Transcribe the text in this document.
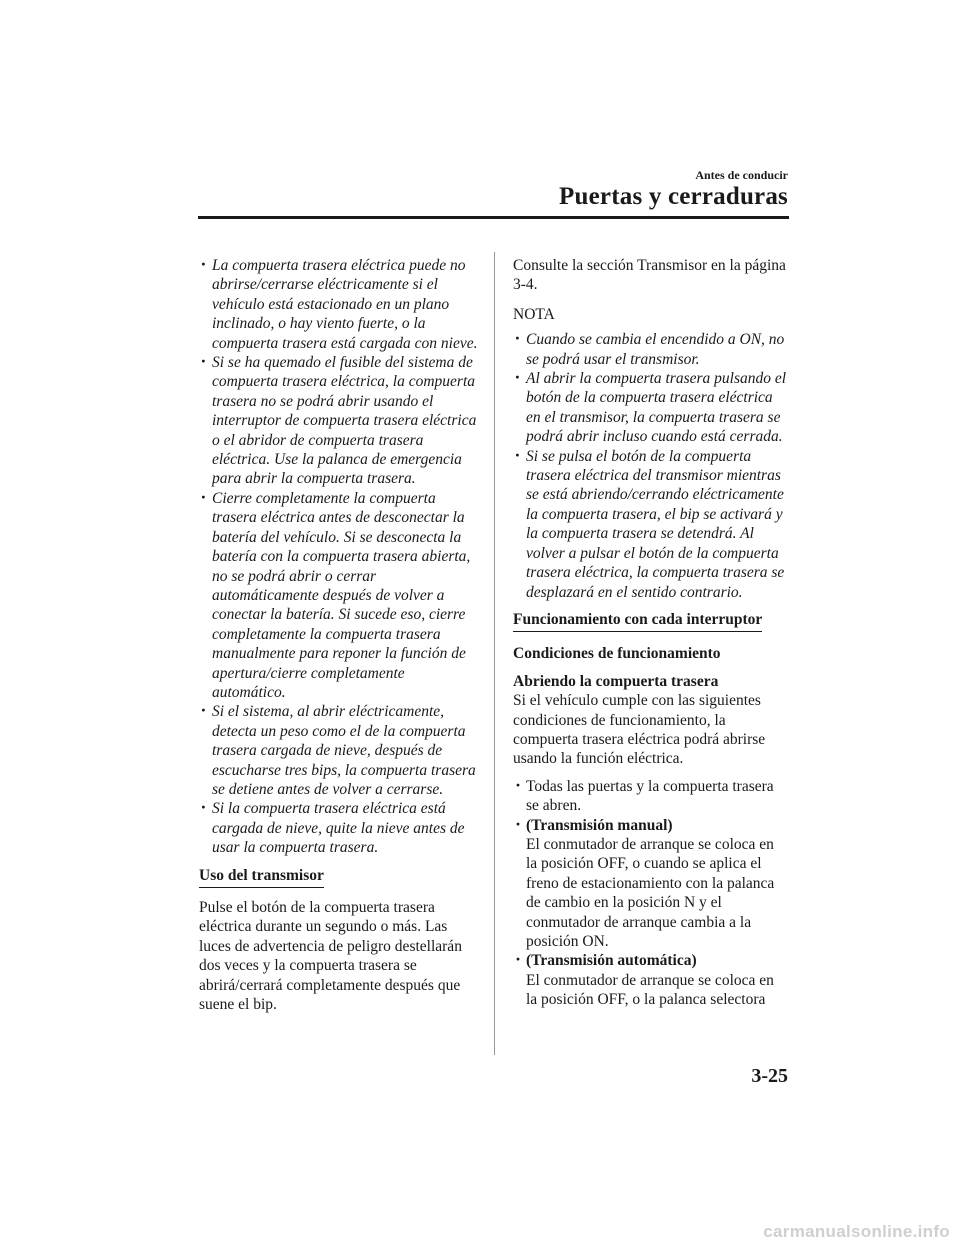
Antes de conducir
Puertas y cerraduras
· La compuerta trasera eléctrica puede no abrirse/cerrarse eléctricamente si el vehículo está estacionado en un plano inclinado, o hay viento fuerte, o la compuerta trasera está cargada con nieve.
· Si se ha quemado el fusible del sistema de compuerta trasera eléctrica, la compuerta trasera no se podrá abrir usando el interruptor de compuerta trasera eléctrica o el abridor de compuerta trasera eléctrica. Use la palanca de emergencia para abrir la compuerta trasera.
· Cierre completamente la compuerta trasera eléctrica antes de desconectar la batería del vehículo. Si se desconecta la batería con la compuerta trasera abierta, no se podrá abrir o cerrar automáticamente después de volver a conectar la batería. Si sucede eso, cierre completamente la compuerta trasera manualmente para reponer la función de apertura/cierre completamente automático.
· Si el sistema, al abrir eléctricamente, detecta un peso como el de la compuerta trasera cargada de nieve, después de escucharse tres bips, la compuerta trasera se detiene antes de volver a cerrarse.
· Si la compuerta trasera eléctrica está cargada de nieve, quite la nieve antes de usar la compuerta trasera.
Uso del transmisor

Pulse el botón de la compuerta trasera eléctrica durante un segundo o más. Las luces de advertencia de peligro destellarán dos veces y la compuerta trasera se abrirá/cerrará completamente después que suene el bip.

Consulte la sección Transmisor en la página 3-4.

NOTA

· Cuando se cambia el encendido a ON, no se podrá usar el transmisor.
· Al abrir la compuerta trasera pulsando el botón de la compuerta trasera eléctrica en el transmisor, la compuerta trasera se podrá abrir incluso cuando está cerrada.
· Si se pulsa el botón de la compuerta trasera eléctrica del transmisor mientras se está abriendo/cerrando eléctricamente la compuerta trasera, el bip se activará y la compuerta trasera se detendrá. Al volver a pulsar el botón de la compuerta trasera eléctrica, la compuerta trasera se desplazará en el sentido contrario.
Funcionamiento con cada interruptor

Condiciones de funcionamiento

Abriendo la compuerta trasera

Si el vehículo cumple con las siguientes condiciones de funcionamiento, la compuerta trasera eléctrica podrá abrirse usando la función eléctrica.

· Todas las puertas y la compuerta trasera se abren.
· (Transmisión manual)
El conmutador de arranque se coloca en la posición OFF, o cuando se aplica el freno de estacionamiento con la palanca de cambio en la posición N y el conmutador de arranque cambia a la posición ON.
· (Transmisión automática)
El conmutador de arranque se coloca en la posición OFF, o la palanca selectora
3-25
carmanualsonline.info
